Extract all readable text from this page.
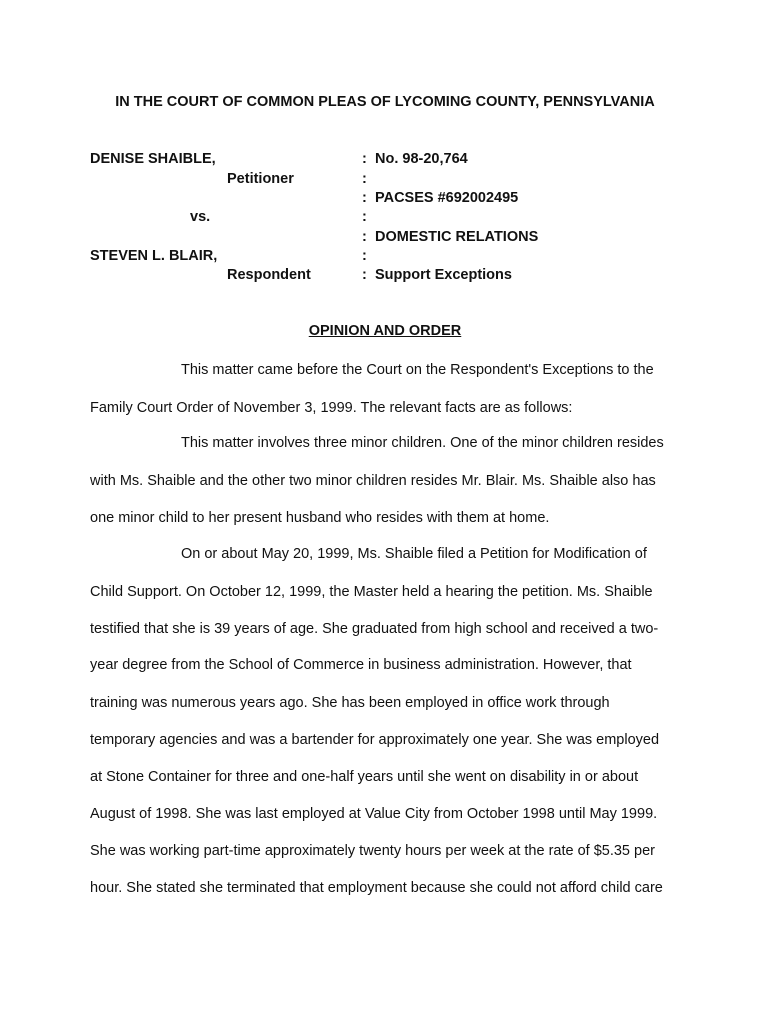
IN THE COURT OF COMMON PLEAS OF LYCOMING COUNTY, PENNSYLVANIA
DENISE SHAIBLE,
Petitioner
vs.
STEVEN L. BLAIR,
Respondent
:
:
:
:
:
:
:
No. 98-20,764
PACSES #692002495
DOMESTIC RELATIONS
Support Exceptions
OPINION AND ORDER
This matter came before the Court on the Respondent's Exceptions to the
Family Court Order of November 3, 1999. The relevant facts are as follows:
This matter involves three minor children. One of the minor children resides
with Ms. Shaible and the other two minor children resides Mr. Blair. Ms. Shaible also has
one minor child to her present husband who resides with them at home.
On or about May 20, 1999, Ms. Shaible filed a Petition for Modification of
Child Support. On October 12, 1999, the Master held a hearing the petition. Ms. Shaible
testified that she is 39 years of age. She graduated from high school and received a two-
year degree from the School of Commerce in business administration. However, that
training was numerous years ago. She has been employed in office work through
temporary agencies and was a bartender for approximately one year. She was employed
at Stone Container for three and one-half years until she went on disability in or about
August of 1998. She was last employed at Value City from October 1998 until May 1999.
She was working part-time approximately twenty hours per week at the rate of $5.35 per
hour. She stated she terminated that employment because she could not afford child care
